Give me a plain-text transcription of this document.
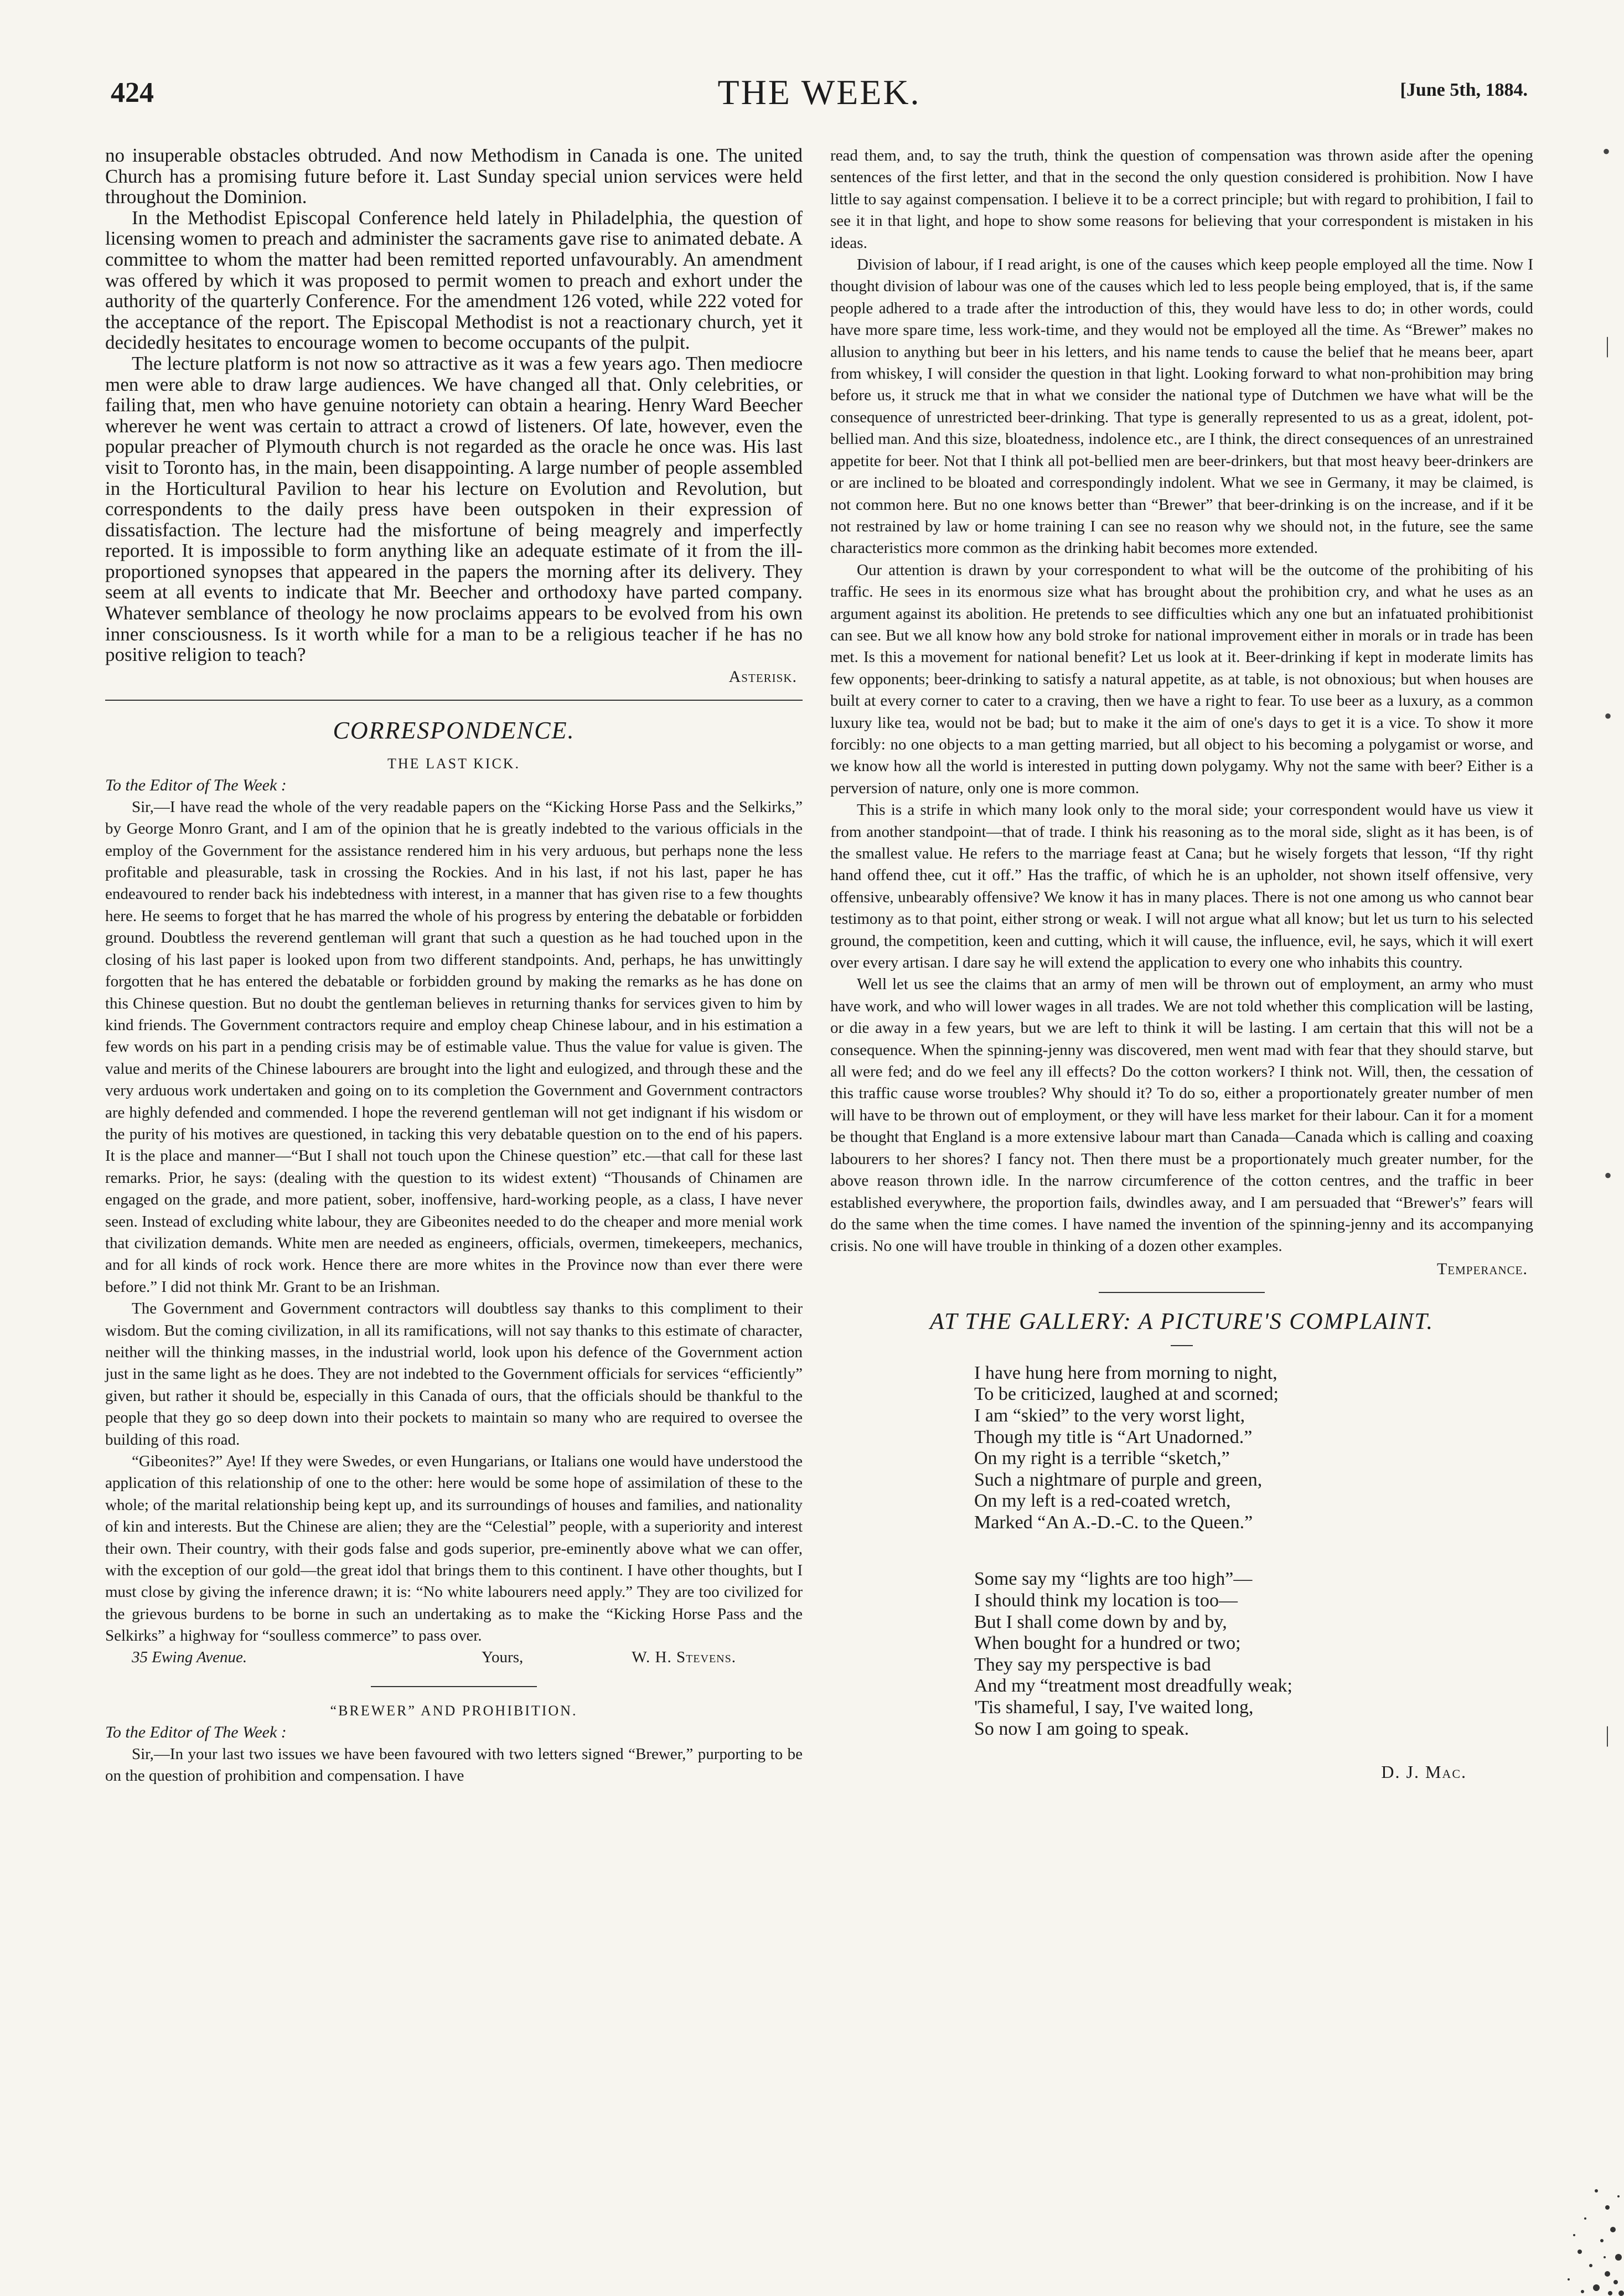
424	THE WEEK.	[June 5th, 1884.

no insuperable obstacles obtruded. And now Methodism in Canada is one. The united Church has a promising future before it. Last Sunday special union services were held throughout the Dominion.

In the Methodist Episcopal Conference held lately in Philadelphia, the question of licensing women to preach and administer the sacraments gave rise to animated debate. A committee to whom the matter had been remitted reported unfavourably. An amendment was offered by which it was proposed to permit women to preach and exhort under the authority of the quarterly Conference. For the amendment 126 voted, while 222 voted for the acceptance of the report. The Episcopal Methodist is not a reactionary church, yet it decidedly hesitates to encourage women to become occupants of the pulpit.

The lecture platform is not now so attractive as it was a few years ago. Then mediocre men were able to draw large audiences. We have changed all that. Only celebrities, or failing that, men who have genuine notoriety can obtain a hearing. Henry Ward Beecher wherever he went was certain to attract a crowd of listeners. Of late, however, even the popular preacher of Plymouth church is not regarded as the oracle he once was. His last visit to Toronto has, in the main, been disappointing. A large number of people assembled in the Horticultural Pavilion to hear his lecture on Evolution and Revolution, but correspondents to the daily press have been outspoken in their expression of dissatisfaction. The lecture had the misfortune of being meagrely and imperfectly reported. It is impossible to form anything like an adequate estimate of it from the ill-proportioned synopses that appeared in the papers the morning after its delivery. They seem at all events to indicate that Mr. Beecher and orthodoxy have parted company. Whatever semblance of theology he now proclaims appears to be evolved from his own inner consciousness. Is it worth while for a man to be a religious teacher if he has no positive religion to teach?

Asterisk.
CORRESPONDENCE.
THE LAST KICK.
To the Editor of The Week :

Sir,—I have read the whole of the very readable papers on the “Kicking Horse Pass and the Selkirks,” by George Monro Grant, and I am of the opinion that he is greatly indebted to the various officials in the employ of the Government for the assistance rendered him in his very arduous, but perhaps none the less profitable and pleasurable, task in crossing the Rockies. And in his last, if not his last, paper he has endeavoured to render back his indebtedness with interest, in a manner that has given rise to a few thoughts here. He seems to forget that he has marred the whole of his progress by entering the debatable or forbidden ground. Doubtless the reverend gentleman will grant that such a question as he had touched upon in the closing of his last paper is looked upon from two different standpoints. And, perhaps, he has unwittingly forgotten that he has entered the debatable or forbidden ground by making the remarks as he has done on this Chinese question. But no doubt the gentleman believes in returning thanks for services given to him by kind friends. The Government contractors require and employ cheap Chinese labour, and in his estimation a few words on his part in a pending crisis may be of estimable value. Thus the value for value is given. The value and merits of the Chinese labourers are brought into the light and eulogized, and through these and the very arduous work undertaken and going on to its completion the Government and Government contractors are highly defended and commended. I hope the reverend gentleman will not get indignant if his wisdom or the purity of his motives are questioned, in tacking this very debatable question on to the end of his papers. It is the place and manner—“But I shall not touch upon the Chinese question” etc.—that call for these last remarks. Prior, he says: (dealing with the question to its widest extent) “Thousands of Chinamen are engaged on the grade, and more patient, sober, inoffensive, hard-working people, as a class, I have never seen. Instead of excluding white labour, they are Gibeonites needed to do the cheaper and more menial work that civilization demands. White men are needed as engineers, officials, overmen, timekeepers, mechanics, and for all kinds of rock work. Hence there are more whites in the Province now than ever there were before.” I did not think Mr. Grant to be an Irishman.

The Government and Government contractors will doubtless say thanks to this compliment to their wisdom. But the coming civilization, in all its ramifications, will not say thanks to this estimate of character, neither will the thinking masses, in the industrial world, look upon his defence of the Government action just in the same light as he does. They are not indebted to the Government officials for services “efficiently” given, but rather it should be, especially in this Canada of ours, that the officials should be thankful to the people that they go so deep down into their pockets to maintain so many who are required to oversee the building of this road.

“Gibeonites?” Aye! If they were Swedes, or even Hungarians, or Italians one would have understood the application of this relationship of one to the other: here would be some hope of assimilation of these to the whole; of the marital relationship being kept up, and its surroundings of houses and families, and nationality of kin and interests. But the Chinese are alien; they are the “Celestial” people, with a superiority and interest their own. Their country, with their gods false and gods superior, pre-eminently above what we can offer, with the exception of our gold—the great idol that brings them to this continent. I have other thoughts, but I must close by giving the inference drawn; it is: “No white labourers need apply.” They are too civilized for the grievous burdens to be borne in such an undertaking as to make the “Kicking Horse Pass and the Selkirks” a highway for “soulless commerce” to pass over.

35 Ewing Avenue.	Yours,	W. H. Stevens.
“BREWER” AND PROHIBITION.
To the Editor of The Week :

Sir,—In your last two issues we have been favoured with two letters signed “Brewer,” purporting to be on the question of prohibition and compensation. I have

read them, and, to say the truth, think the question of compensation was thrown aside after the opening sentences of the first letter, and that in the second the only question considered is prohibition. Now I have little to say against compensation. I believe it to be a correct principle; but with regard to prohibition, I fail to see it in that light, and hope to show some reasons for believing that your correspondent is mistaken in his ideas.

Division of labour, if I read aright, is one of the causes which keep people employed all the time. Now I thought division of labour was one of the causes which led to less people being employed, that is, if the same people adhered to a trade after the introduction of this, they would have less to do; in other words, could have more spare time, less work-time, and they would not be employed all the time. As “Brewer” makes no allusion to anything but beer in his letters, and his name tends to cause the belief that he means beer, apart from whiskey, I will consider the question in that light. Looking forward to what non-prohibition may bring before us, it struck me that in what we consider the national type of Dutchmen we have what will be the consequence of unrestricted beer-drinking. That type is generally represented to us as a great, idolent, pot-bellied man. And this size, bloatedness, indolence etc., are I think, the direct consequences of an unrestrained appetite for beer. Not that I think all pot-bellied men are beer-drinkers, but that most heavy beer-drinkers are or are inclined to be bloated and correspondingly indolent. What we see in Germany, it may be claimed, is not common here. But no one knows better than “Brewer” that beer-drinking is on the increase, and if it be not restrained by law or home training I can see no reason why we should not, in the future, see the same characteristics more common as the drinking habit becomes more extended.

Our attention is drawn by your correspondent to what will be the outcome of the prohibiting of his traffic. He sees in its enormous size what has brought about the prohibition cry, and what he uses as an argument against its abolition. He pretends to see difficulties which any one but an infatuated prohibitionist can see. But we all know how any bold stroke for national improvement either in morals or in trade has been met. Is this a movement for national benefit? Let us look at it. Beer-drinking if kept in moderate limits has few opponents; beer-drinking to satisfy a natural appetite, as at table, is not obnoxious; but when houses are built at every corner to cater to a craving, then we have a right to fear. To use beer as a luxury, as a common luxury like tea, would not be bad; but to make it the aim of one's days to get it is a vice. To show it more forcibly: no one objects to a man getting married, but all object to his becoming a polygamist or worse, and we know how all the world is interested in putting down polygamy. Why not the same with beer? Either is a perversion of nature, only one is more common.

This is a strife in which many look only to the moral side; your correspondent would have us view it from another standpoint—that of trade. I think his reasoning as to the moral side, slight as it has been, is of the smallest value. He refers to the marriage feast at Cana; but he wisely forgets that lesson, “If thy right hand offend thee, cut it off.” Has the traffic, of which he is an upholder, not shown itself offensive, very offensive, unbearably offensive? We know it has in many places. There is not one among us who cannot bear testimony as to that point, either strong or weak. I will not argue what all know; but let us turn to his selected ground, the competition, keen and cutting, which it will cause, the influence, evil, he says, which it will exert over every artisan. I dare say he will extend the application to every one who inhabits this country.

Well let us see the claims that an army of men will be thrown out of employment, an army who must have work, and who will lower wages in all trades. We are not told whether this complication will be lasting, or die away in a few years, but we are left to think it will be lasting. I am certain that this will not be a consequence. When the spinning-jenny was discovered, men went mad with fear that they should starve, but all were fed; and do we feel any ill effects? Do the cotton workers? I think not. Will, then, the cessation of this traffic cause worse troubles? Why should it? To do so, either a proportionately greater number of men will have to be thrown out of employment, or they will have less market for their labour. Can it for a moment be thought that England is a more extensive labour mart than Canada—Canada which is calling and coaxing labourers to her shores? I fancy not. Then there must be a proportionately much greater number, for the above reason thrown idle. In the narrow circumference of the cotton centres, and the traffic in beer established everywhere, the proportion fails, dwindles away, and I am persuaded that “Brewer's” fears will do the same when the time comes. I have named the invention of the spinning-jenny and its accompanying crisis. No one will have trouble in thinking of a dozen other examples.

Temperance.
AT THE GALLERY: A PICTURE'S COMPLAINT.
I have hung here from morning to night,
To be criticized, laughed at and scorned;
I am “skied” to the very worst light,
Though my title is “Art Unadorned.”
On my right is a terrible “sketch,”
Such a nightmare of purple and green,
On my left is a red-coated wretch,
Marked “An A.-D.-C. to the Queen.”
Some say my “lights are too high”—
I should think my location is too—
But I shall come down by and by,
When bought for a hundred or two;
They say my perspective is bad
And my “treatment most dreadfully weak;
'Tis shameful, I say, I've waited long,
So now I am going to speak.
D. J. Mac.
•
|
•
•
|
